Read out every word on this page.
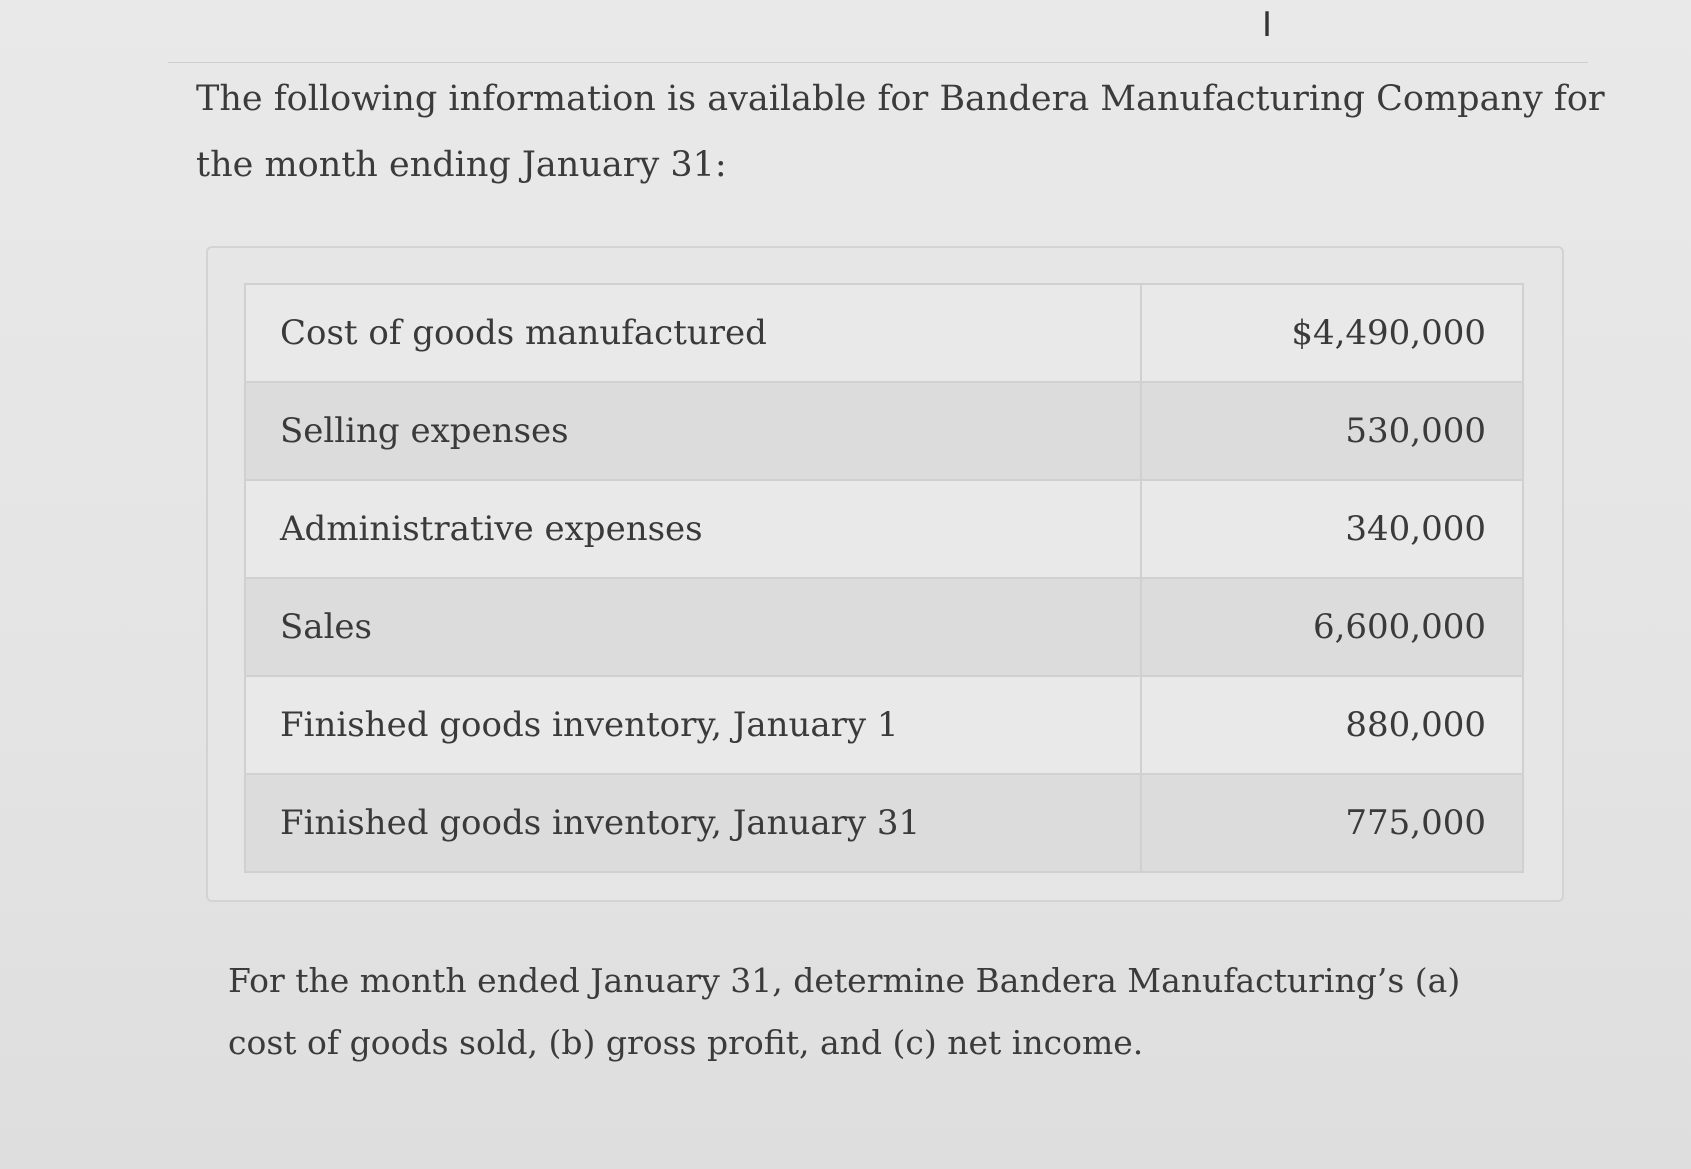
I

The following information is available for Bandera Manufacturing Company for the month ending January 31:

Cost of goods manufactured	$4,490,000
Selling expenses	530,000
Administrative expenses	340,000
Sales	6,600,000
Finished goods inventory, January 1	880,000
Finished goods inventory, January 31	775,000

For the month ended January 31, determine Bandera Manufacturing’s (a) cost of goods sold, (b) gross profit, and (c) net income.
